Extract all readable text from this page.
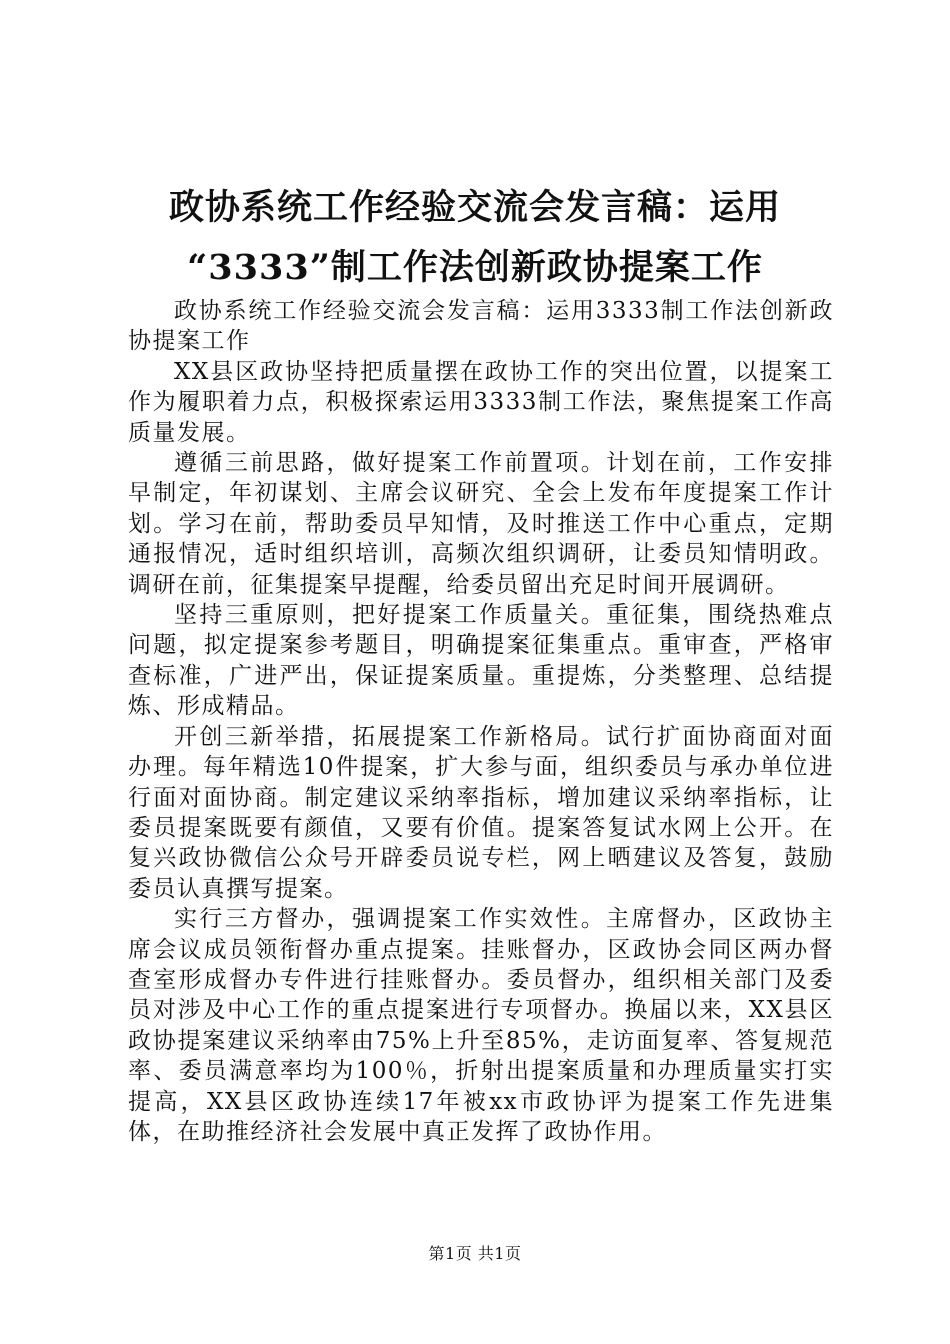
政协系统工作经验交流会发言稿：运用
“3333”制工作法创新政协提案工作

政协系统工作经验交流会发言稿：运用3333制工作法创新政协提案工作

XX县区政协坚持把质量摆在政协工作的突出位置，以提案工作为履职着力点，积极探索运用3333制工作法，聚焦提案工作高质量发展。

遵循三前思路，做好提案工作前置项。计划在前，工作安排早制定，年初谋划、主席会议研究、全会上发布年度提案工作计划。学习在前，帮助委员早知情，及时推送工作中心重点，定期通报情况，适时组织培训，高频次组织调研，让委员知情明政。调研在前，征集提案早提醒，给委员留出充足时间开展调研。

坚持三重原则，把好提案工作质量关。重征集，围绕热难点问题，拟定提案参考题目，明确提案征集重点。重审查，严格审查标准，广进严出，保证提案质量。重提炼，分类整理、总结提炼、形成精品。

开创三新举措，拓展提案工作新格局。试行扩面协商面对面办理。每年精选10件提案，扩大参与面，组织委员与承办单位进行面对面协商。制定建议采纳率指标，增加建议采纳率指标，让委员提案既要有颜值，又要有价值。提案答复试水网上公开。在复兴政协微信公众号开辟委员说专栏，网上晒建议及答复，鼓励委员认真撰写提案。

实行三方督办，强调提案工作实效性。主席督办，区政协主席会议成员领衔督办重点提案。挂账督办，区政协会同区两办督查室形成督办专件进行挂账督办。委员督办，组织相关部门及委员对涉及中心工作的重点提案进行专项督办。换届以来，XX县区政协提案建议采纳率由75%上升至85%，走访面复率、答复规范率、委员满意率均为100％，折射出提案质量和办理质量实打实提高，XX县区政协连续17年被xx市政协评为提案工作先进集体，在助推经济社会发展中真正发挥了政协作用。

第1页 共1页
